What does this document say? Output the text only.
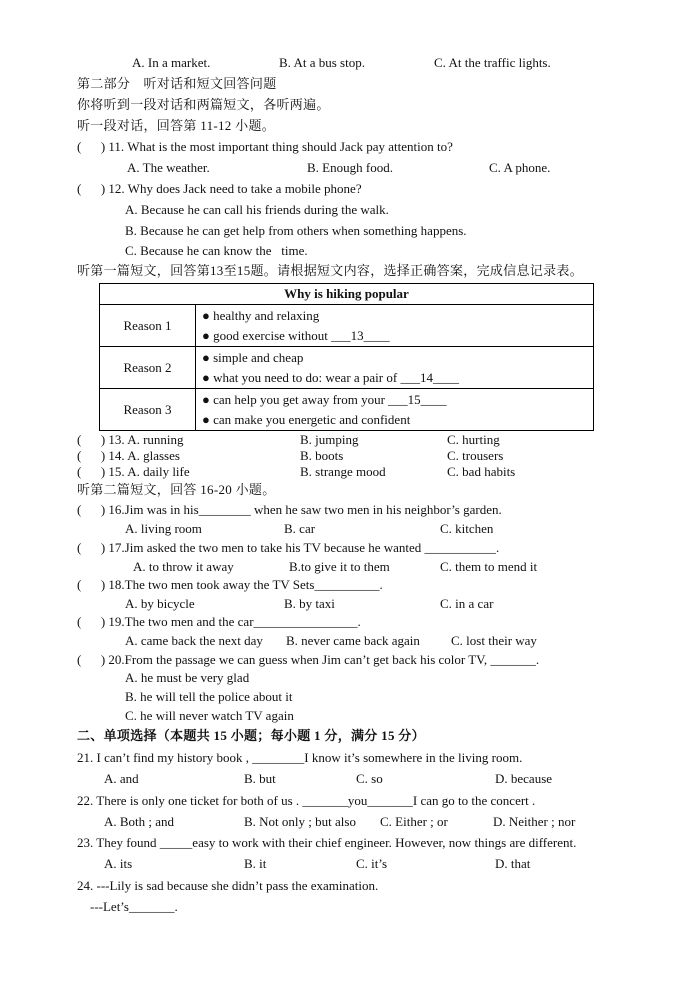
A. In a market.	B. At a bus stop.	C. At the traffic lights.
第二部分　听对话和短文回答问题
你将听到一段对话和两篇短文，各听两遍。
听一段对话，回答第 11-12 小题。
(　  ) 11. What is the most important thing should Jack pay attention to?
A. The weather.	B. Enough food.	C. A phone.
(　  ) 12. Why does Jack need to take a mobile phone?
A. Because he can call his friends during the walk.
B. Because he can get help from others when something happens.
C. Because he can know the   time.
听第一篇短文，回答第13至15题。请根据短文内容，选择正确答案，完成信息记录表。
Why is hiking popular	
Reason 1	● healthy and relaxing
● good exercise without ___13____

Reason 2	● simple and cheap
● what you need to do: wear a pair of ___14____

Reason 3	● can help you get away from your ___15____
● can make you energetic and confident
(　  ) 13. A. running	B. jumping	C. hurting
(　  ) 14. A. glasses	B. boots	C. trousers
(　  ) 15. A. daily life	B. strange mood	C. bad habits
听第二篇短文，回答 16-20 小题。
(　  ) 16.Jim was in his________ when he saw two men in his neighbor’s garden.
A. living room	B. car	C. kitchen
(　  ) 17.Jim asked the two men to take his TV because he wanted ___________.
A. to throw it away	B.to give it to them	C. them to mend it
(　  ) 18.The two men took away the TV Sets__________.
A. by bicycle	B. by taxi	C. in a car
(　  ) 19.The two men and the car________________.
A. came back the next day B. never came back again C. lost their way
(　  ) 20.From the passage we can guess when Jim can’t get back his color TV, _______.
A. he must be very glad
B. he will tell the police about it
C. he will never watch TV again
二、单项选择（本题共 15 小题；每小题 1 分，满分 15 分）
21. I can’t find my history book , ________I know it’s somewhere in the living room.
A. and	B. but	C. so	D. because
22. There is only one ticket for both of us . _______you_______I can go to the concert .
A. Both ; and	B. Not only ; but also C. Either ; or	D. Neither ; nor
23. They found _____easy to work with their chief engineer. However, now things are different.
A. its	B. it	C. it’s	D. that
24. ---Lily is sad because she didn’t pass the examination.
---Let’s_______.
